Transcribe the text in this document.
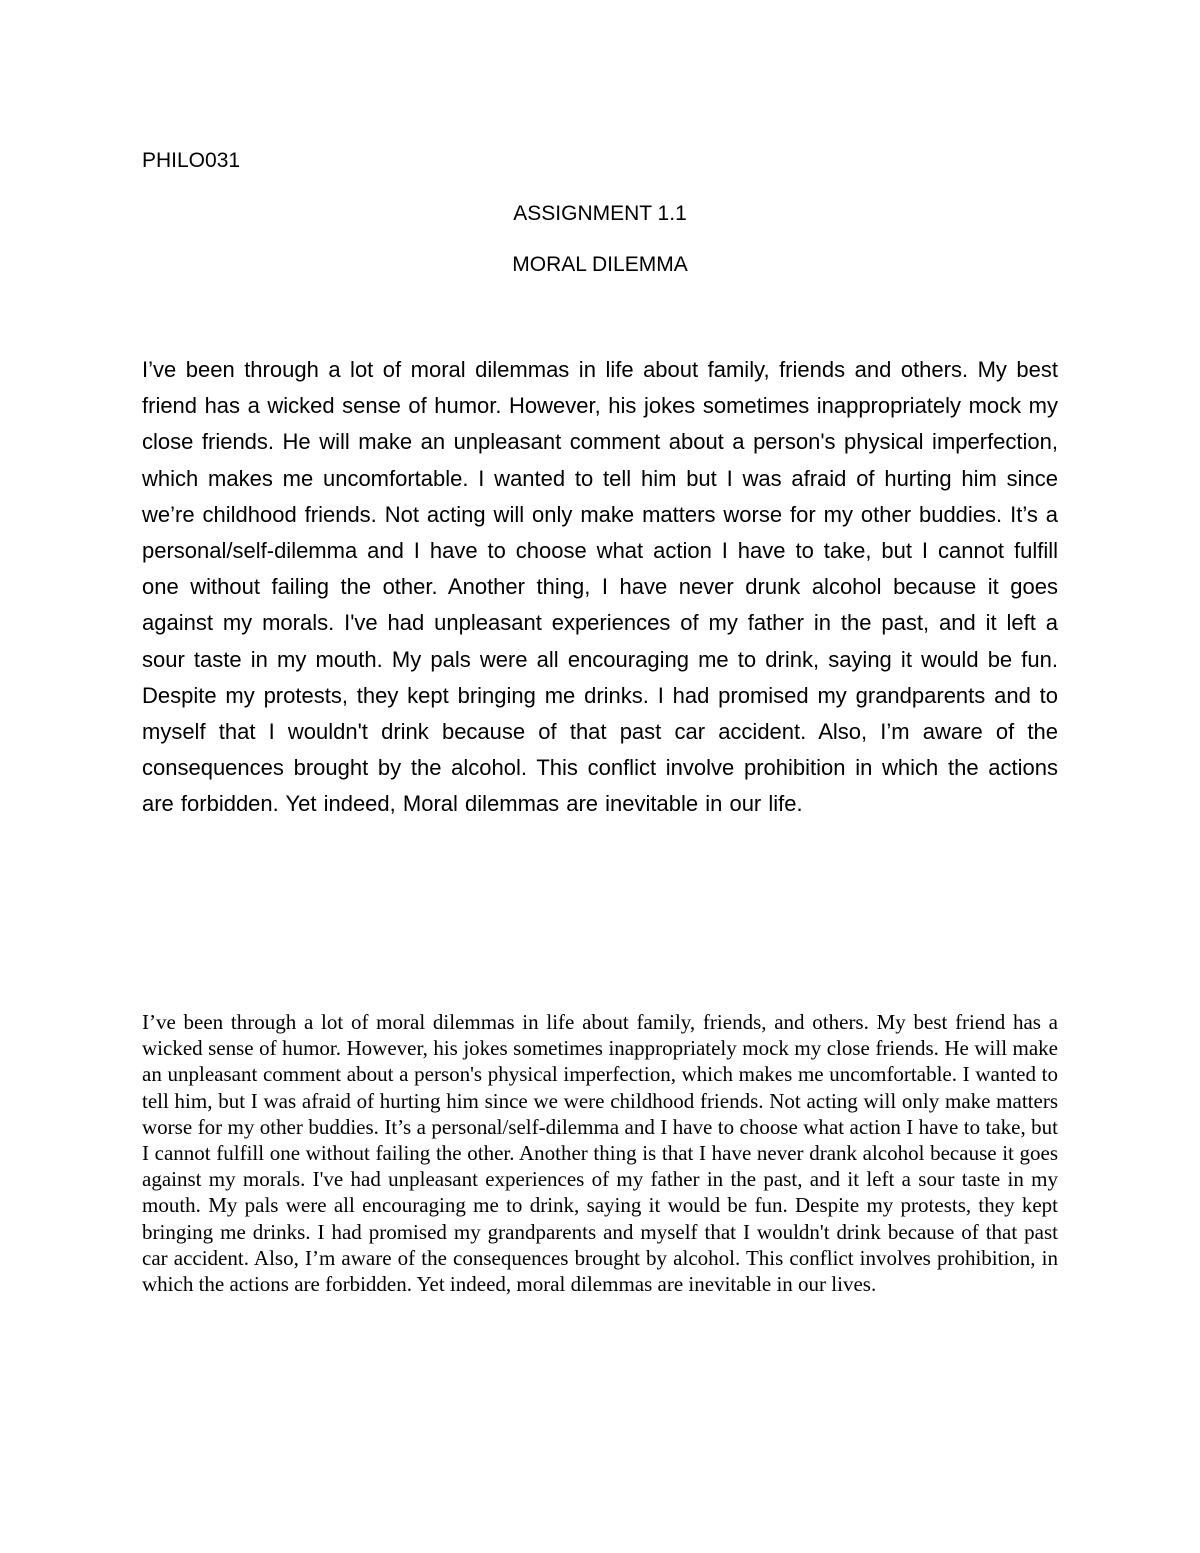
PHILO031

ASSIGNMENT 1.1
MORAL DILEMMA

I’ve been through a lot of moral dilemmas in life about family, friends and others. My best friend has a wicked sense of humor. However, his jokes sometimes inappropriately mock my close friends. He will make an unpleasant comment about a person's physical imperfection, which makes me uncomfortable. I wanted to tell him but I was afraid of hurting him since we’re childhood friends. Not acting will only make matters worse for my other buddies. It’s a personal/self-dilemma and I have to choose what action I have to take, but I cannot fulfill one without failing the other. Another thing, I have never drunk alcohol because it goes against my morals. I've had unpleasant experiences of my father in the past, and it left a sour taste in my mouth. My pals were all encouraging me to drink, saying it would be fun. Despite my protests, they kept bringing me drinks. I had promised my grandparents and to myself that I wouldn't drink because of that past car accident. Also, I’m aware of the consequences brought by the alcohol. This conflict involve prohibition in which the actions are forbidden. Yet indeed, Moral dilemmas are inevitable in our life.

I’ve been through a lot of moral dilemmas in life about family, friends, and others. My best friend has a wicked sense of humor. However, his jokes sometimes inappropriately mock my close friends. He will make an unpleasant comment about a person's physical imperfection, which makes me uncomfortable. I wanted to tell him, but I was afraid of hurting him since we were childhood friends. Not acting will only make matters worse for my other buddies. It’s a personal/self-dilemma and I have to choose what action I have to take, but I cannot fulfill one without failing the other. Another thing is that I have never drank alcohol because it goes against my morals. I've had unpleasant experiences of my father in the past, and it left a sour taste in my mouth. My pals were all encouraging me to drink, saying it would be fun. Despite my protests, they kept bringing me drinks. I had promised my grandparents and myself that I wouldn't drink because of that past car accident. Also, I’m aware of the consequences brought by alcohol. This conflict involves prohibition, in which the actions are forbidden. Yet indeed, moral dilemmas are inevitable in our lives.
